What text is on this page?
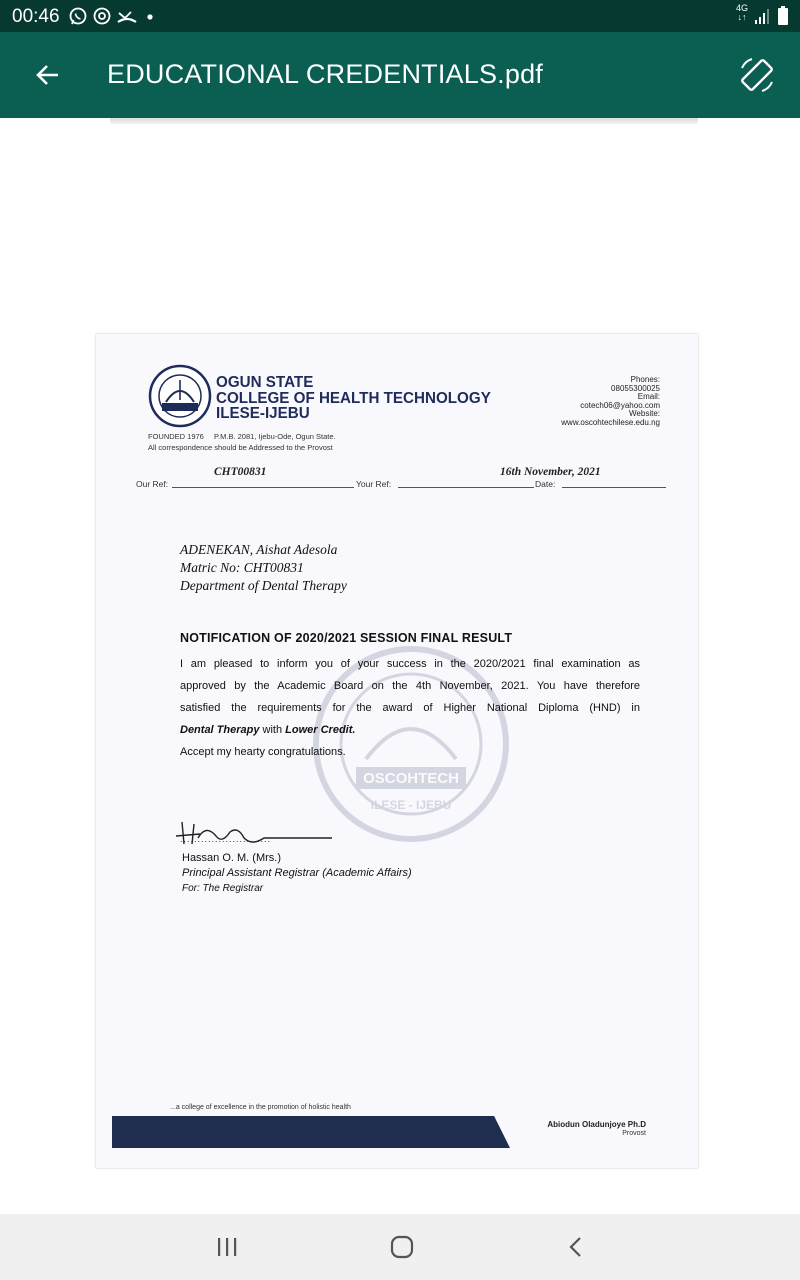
00:46	4G
↓↑
EDUCATIONAL CREDENTIALS.pdf
OSCOHTECH
ILESE - IJEBU
OGUN STATE
COLLEGE OF HEALTH TECHNOLOGY
ILESE-IJEBU
Phones:
08055300025
Email:
cotech06@yahoo.com
Website:
www.oscohtechilese.edu.ng
FOUNDED 1976 P.M.B. 2081, Ijebu-Ode, Ogun State.
All correspondence should be Addressed to the Provost
Our Ref:
CHT00831
Your Ref:	Date:
16th November, 2021
ADENEKAN, Aishat Adesola
Matric No: CHT00831
Department of Dental Therapy
NOTIFICATION OF 2020/2021 SESSION FINAL RESULT
I am pleased to inform you of your success in the 2020/2021 final examination as
approved by the Academic Board on the 4th November, 2021. You have therefore
satisfied the requirements for the award of Higher National Diploma (HND) in
Dental Therapy with Lower Credit.
Accept my hearty congratulations.
..........................
Hassan O. M. (Mrs.)
Principal Assistant Registrar (Academic Affairs)
For: The Registrar
...a college of excellence in the promotion of holistic health
Abiodun Oladunjoye Ph.D
Provost
